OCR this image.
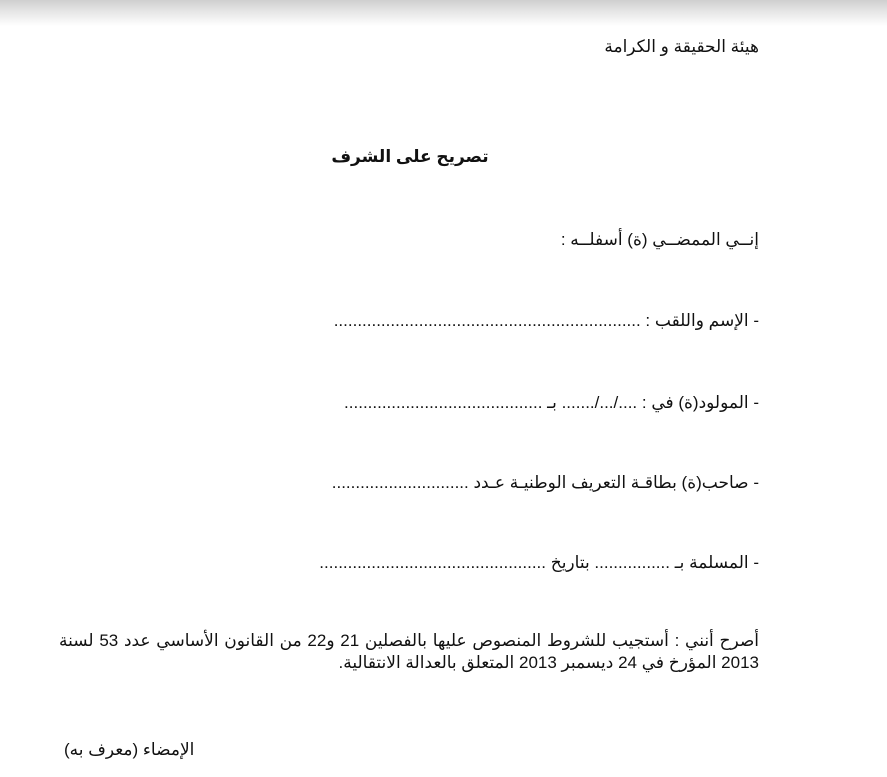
هيئة الحقيقة و الكرامة
تصريح على الشرف
إنــي الممضــي (ة) أسفلــه :
- الإسم واللقب : .................................................................
- المولود(ة) في : ..../.../....... بـ ..........................................
- صاحب(ة) بطاقـة التعريف الوطنيـة عـدد .............................
- المسلمة بـ ................ بتاريخ ................................................
أصرح أنني : أستجيب للشروط المنصوص عليها بالفصلين 21 و22 من القانون الأساسي عدد 53 لسنة 2013 المؤرخ في 24 ديسمبر 2013 المتعلق بالعدالة الانتقالية.
الإمضاء (معرف به)
